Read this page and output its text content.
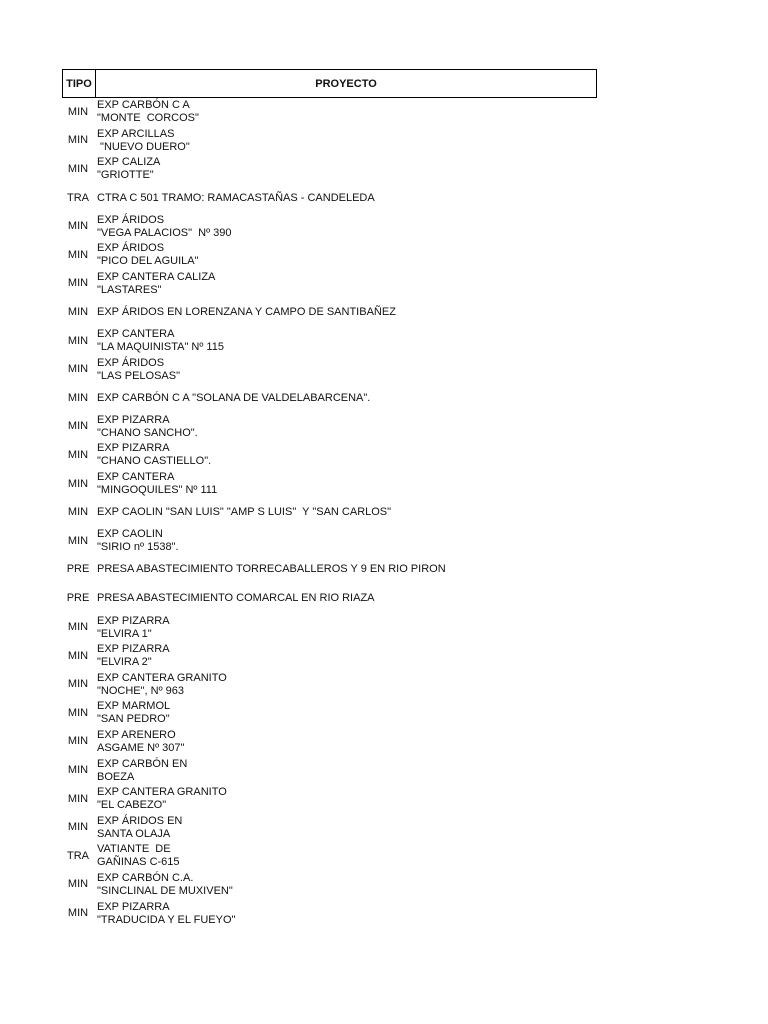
TIPO	PROYECTO
MIN
EXP CARBÓN C A
"MONTE  CORCOS"
MIN
EXP ARCILLAS
"NUEVO DUERO"
MIN
EXP CALIZA
"GRIOTTE"
TRA CTRA C 501 TRAMO: RAMACASTAÑAS - CANDELEDA
MIN
EXP ÁRIDOS
"VEGA PALACIOS"  Nº 390
MIN
EXP ÁRIDOS
"PICO DEL AGUILA"
MIN
EXP CANTERA CALIZA
"LASTARES"
MIN EXP ÁRIDOS EN LORENZANA Y CAMPO DE SANTIBAÑEZ
MIN
EXP CANTERA
"LA MAQUINISTA" Nº 115
MIN
EXP ÁRIDOS
"LAS PELOSAS"
MIN EXP CARBÓN C A "SOLANA DE VALDELABARCENA".
MIN
EXP PIZARRA
"CHANO SANCHO".
MIN
EXP PIZARRA
"CHANO CASTIELLO".
MIN
EXP CANTERA
"MINGOQUILES" Nº 111
MIN EXP CAOLIN "SAN LUIS" "AMP S LUIS"  Y "SAN CARLOS"
MIN
EXP CAOLIN
"SIRIO nº 1538".
PRE PRESA ABASTECIMIENTO TORRECABALLEROS Y 9 EN RIO PIRON
PRE PRESA ABASTECIMIENTO COMARCAL EN RIO RIAZA
MIN
EXP PIZARRA
"ELVIRA 1"
MIN
EXP PIZARRA
"ELVIRA 2"
MIN
EXP CANTERA GRANITO
"NOCHE", Nº 963
MIN
EXP MARMOL
"SAN PEDRO"
MIN
EXP ARENERO
ASGAME Nº 307"
MIN
EXP CARBÓN EN
BOEZA
MIN
EXP CANTERA GRANITO
"EL CABEZO"
MIN
EXP ÁRIDOS EN
SANTA OLAJA
TRA
VATIANTE  DE
GAÑINAS C-615
MIN
EXP CARBÓN C.A.
"SINCLINAL DE MUXIVEN"
MIN
EXP PIZARRA
"TRADUCIDA Y EL FUEYO"
